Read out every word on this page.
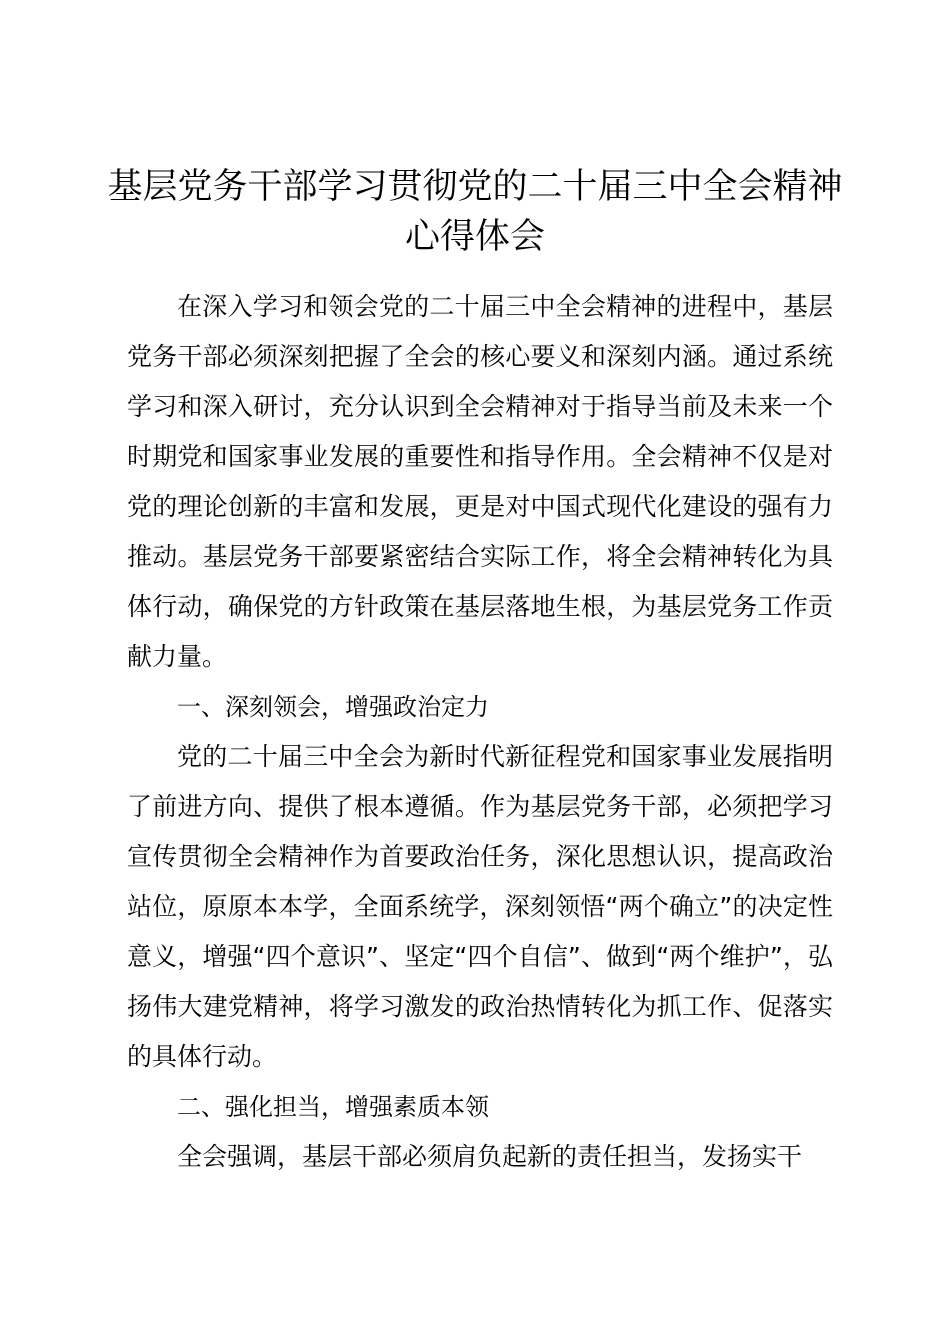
基层党务干部学习贯彻党的二十届三中全会精神心得体会

在深入学习和领会党的二十届三中全会精神的进程中，基层党务干部必须深刻把握了全会的核心要义和深刻内涵。通过系统学习和深入研讨，充分认识到全会精神对于指导当前及未来一个时期党和国家事业发展的重要性和指导作用。全会精神不仅是对党的理论创新的丰富和发展，更是对中国式现代化建设的强有力推动。基层党务干部要紧密结合实际工作，将全会精神转化为具体行动，确保党的方针政策在基层落地生根，为基层党务工作贡献力量。

一、深刻领会，增强政治定力

党的二十届三中全会为新时代新征程党和国家事业发展指明了前进方向、提供了根本遵循。作为基层党务干部，必须把学习宣传贯彻全会精神作为首要政治任务，深化思想认识，提高政治站位，原原本本学，全面系统学，深刻领悟“两个确立”的决定性意义，增强“四个意识”、坚定“四个自信”、做到“两个维护”，弘扬伟大建党精神，将学习激发的政治热情转化为抓工作、促落实的具体行动。

二、强化担当，增强素质本领

全会强调，基层干部必须肩负起新的责任担当，发扬实干
